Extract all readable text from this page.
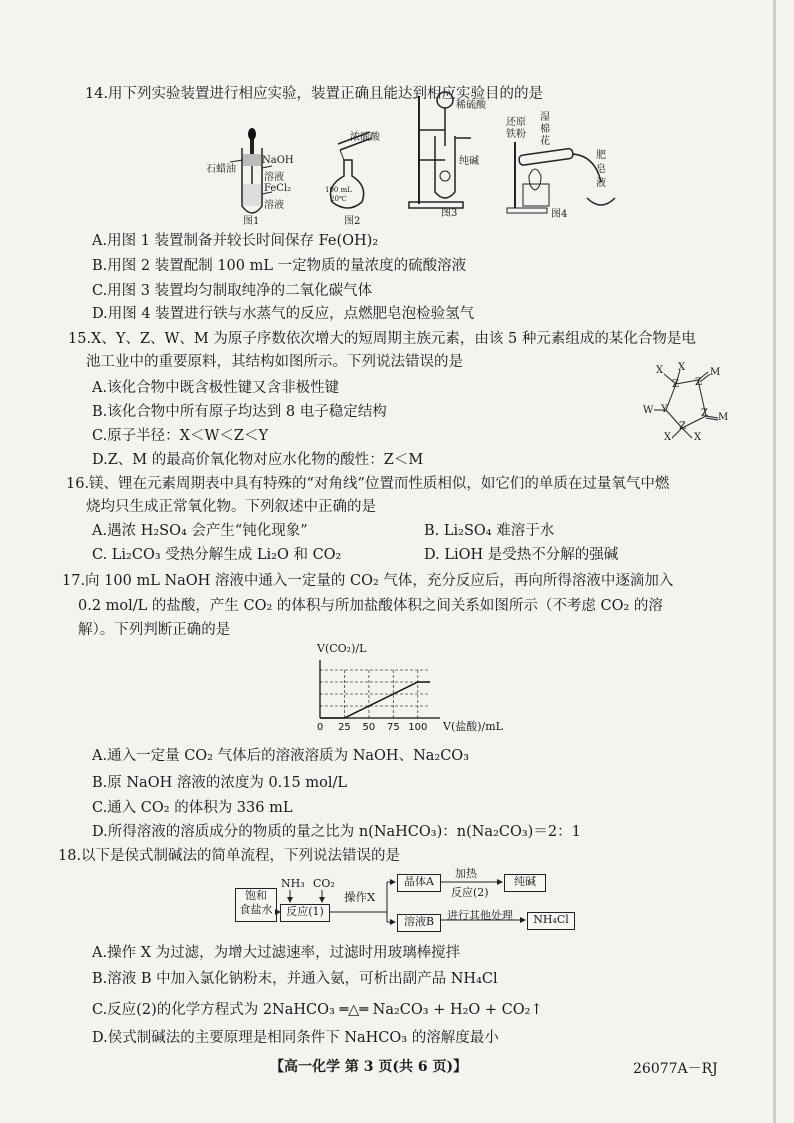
14.用下列实验装置进行相应实验，装置正确且能达到相应实验目的的是
石蜡油
NaOH
溶液
FeCl₂
溶液
图1
浓硫酸
100 mL
20℃
图2
稀硫酸
纯碱
图3
还原
铁粉
湿
棉
花
肥
皂
液
图4
A.用图 1 装置制备并较长时间保存 Fe(OH)₂
B.用图 2 装置配制 100 mL 一定物质的量浓度的硫酸溶液
C.用图 3 装置均匀制取纯净的二氧化碳气体
D.用图 4 装置进行铁与水蒸气的反应，点燃肥皂泡检验氢气
15.X、Y、Z、W、M 为原子序数依次增大的短周期主族元素，由该 5 种元素组成的某化合物是电
池工业中的重要原料，其结构如图所示。下列说法错误的是
A.该化合物中既含极性键又含非极性键
B.该化合物中所有原子均达到 8 电子稳定结构
C.原子半径：X＜W＜Z＜Y
D.Z、M 的最高价氧化物对应水化物的酸性：Z＜M
X X
Z Z
M
W Y	Z M
Z
X X
16.镁、锂在元素周期表中具有特殊的“对角线”位置而性质相似，如它们的单质在过量氧气中燃
烧均只生成正常氧化物。下列叙述中正确的是
A.遇浓 H₂SO₄ 会产生“钝化现象”	B. Li₂SO₄ 难溶于水
C. Li₂CO₃ 受热分解生成 Li₂O 和 CO₂	D. LiOH 是受热不分解的强碱
17.向 100 mL NaOH 溶液中通入一定量的 CO₂ 气体，充分反应后，再向所得溶液中逐滴加入
0.2 mol/L 的盐酸，产生 CO₂ 的体积与所加盐酸体积之间关系如图所示（不考虑 CO₂ 的溶
解）。下列判断正确的是
0 25 50 75 100
V(CO₂)/L
V(盐酸)/mL
A.通入一定量 CO₂ 气体后的溶液溶质为 NaOH、Na₂CO₃
B.原 NaOH 溶液的浓度为 0.15 mol/L
C.通入 CO₂ 的体积为 336 mL
D.所得溶液的溶质成分的物质的量之比为 n(NaHCO₃)：n(Na₂CO₃)＝2：1
18.以下是侯式制碱法的简单流程，下列说法错误的是
饱和
食盐水
NH₃ CO₂
反应(1)
操作X
晶体A
加热
反应(2)
纯碱
溶液B	进行其他处理	NH₄Cl
A.操作 X 为过滤，为增大过滤速率，过滤时用玻璃棒搅拌
B.溶液 B 中加入氯化钠粉末，并通入氨，可析出副产品 NH₄Cl
C.反应(2)的化学方程式为 2NaHCO₃ ═△═ Na₂CO₃ + H₂O + CO₂↑
D.侯式制碱法的主要原理是相同条件下 NaHCO₃ 的溶解度最小
【高一化学 第 3 页(共 6 页)】	26077A－RJ
